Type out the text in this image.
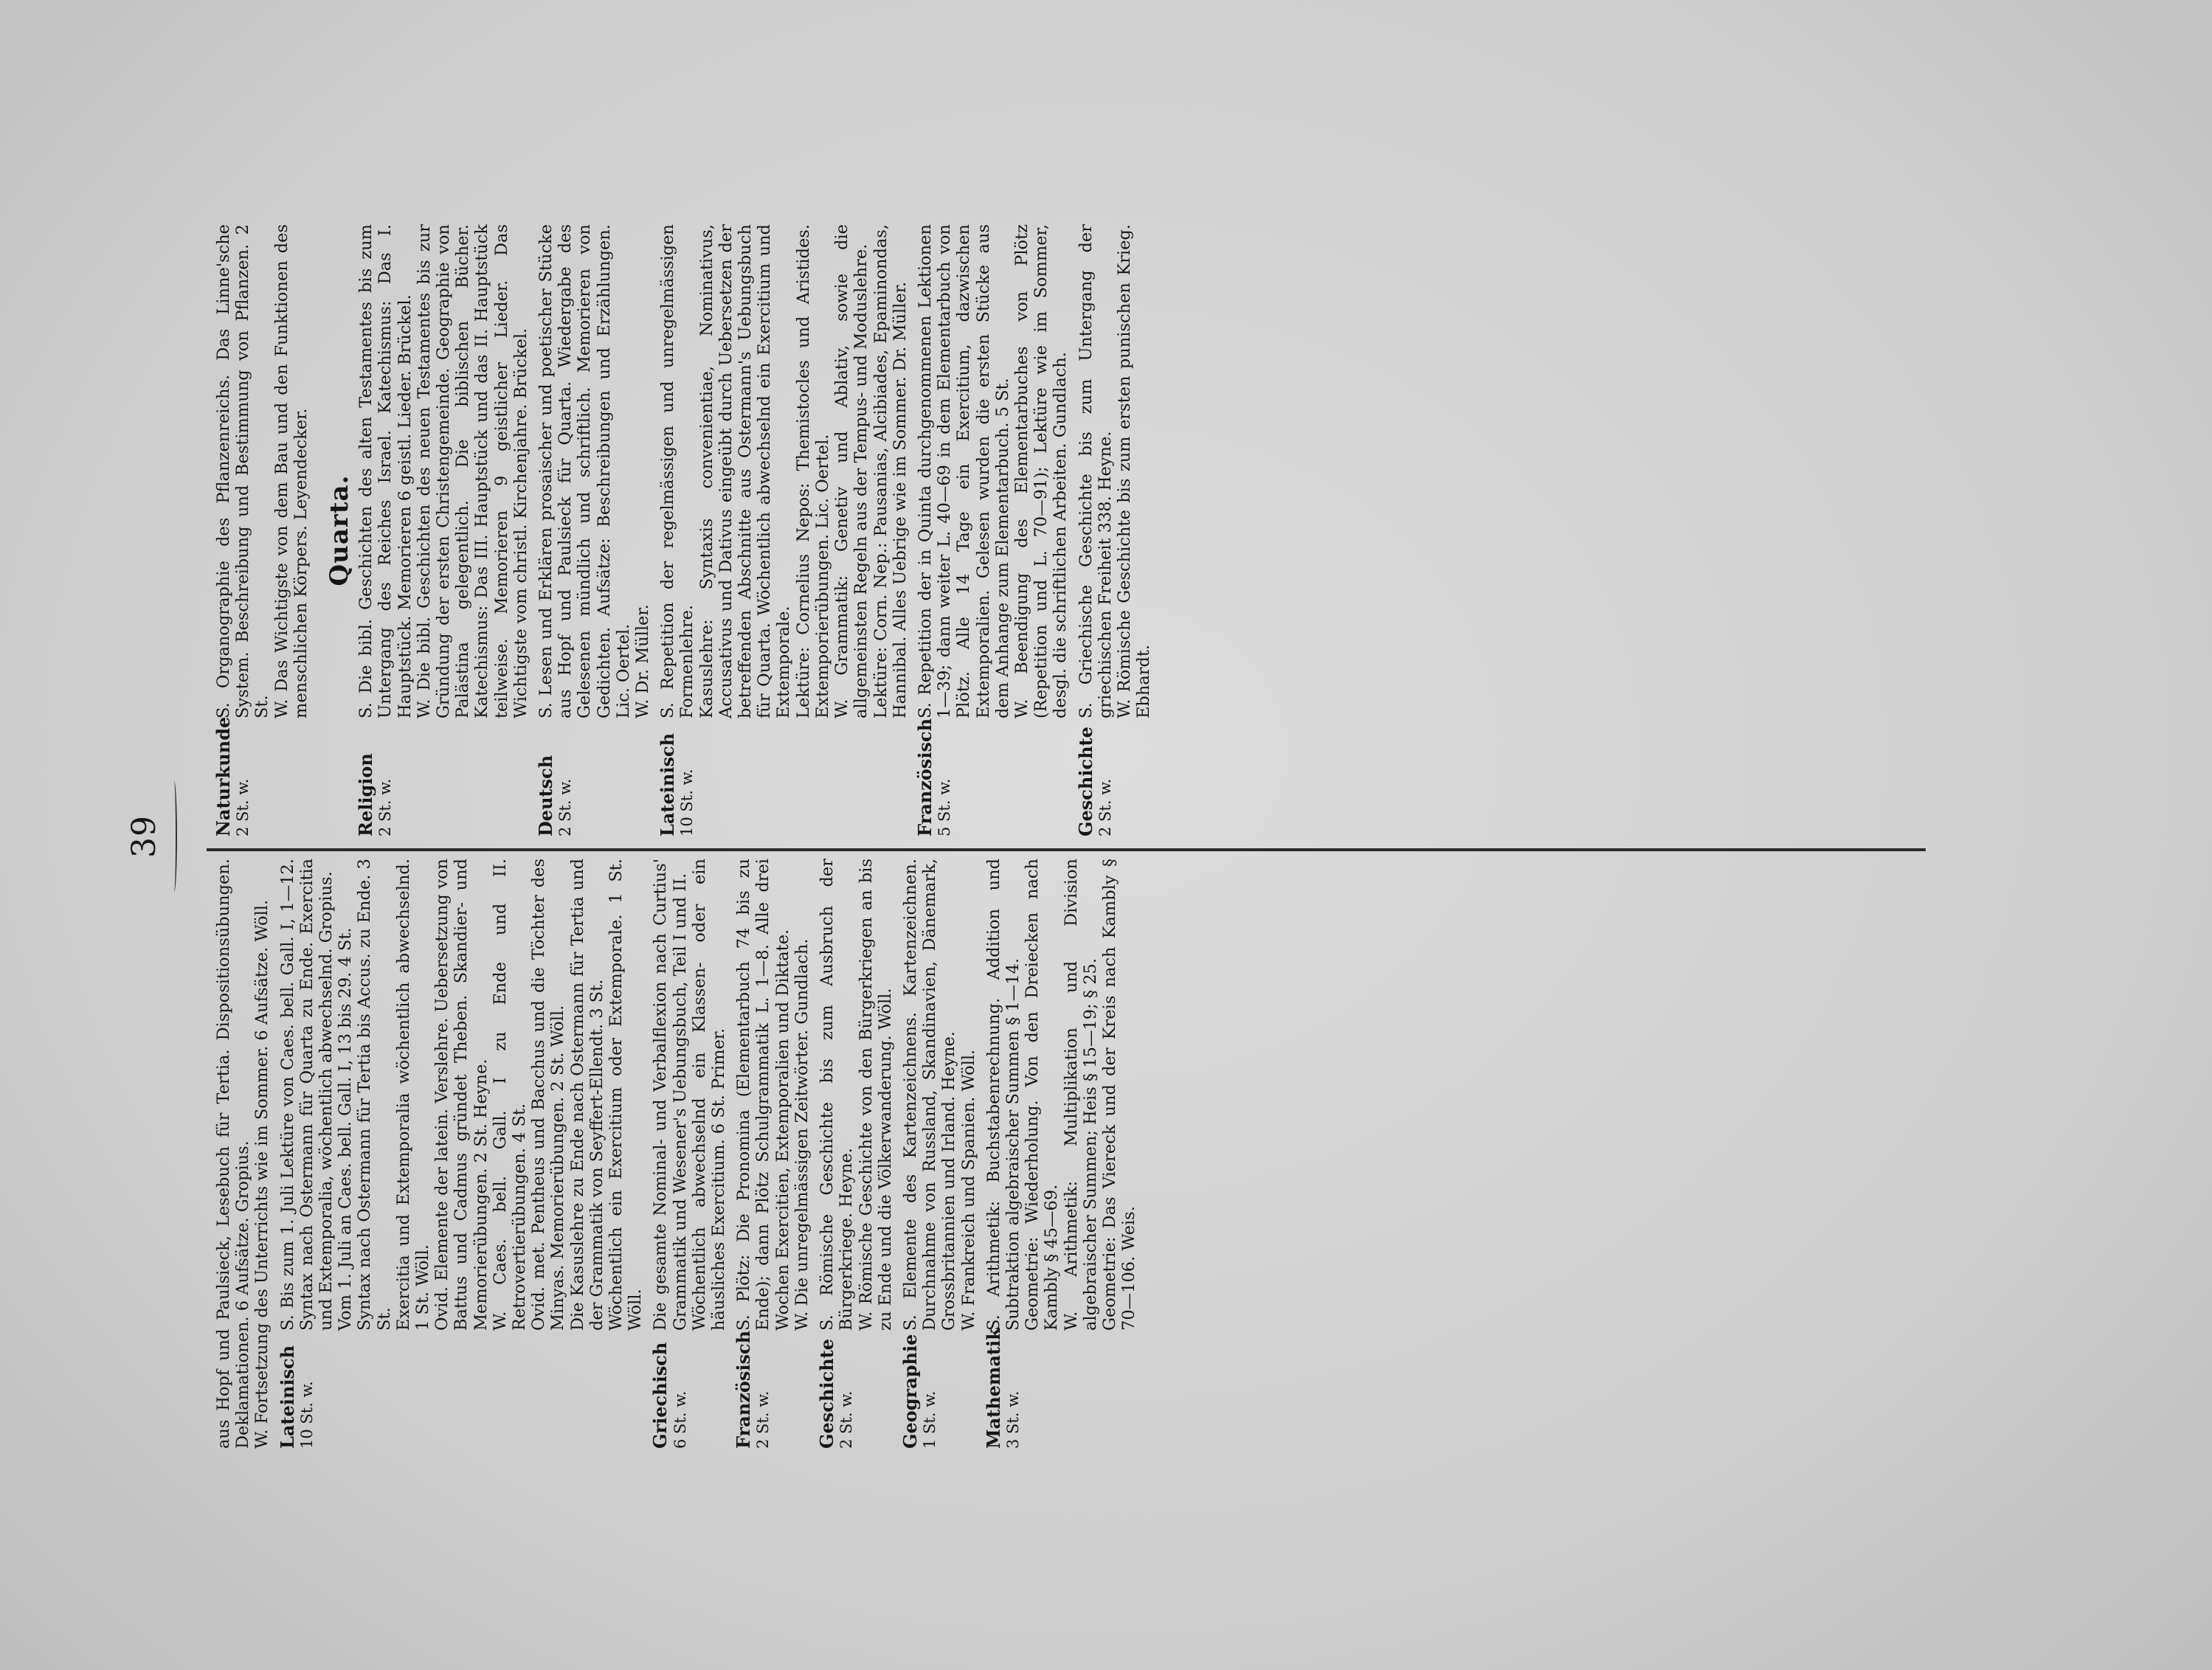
39

aus Hopf und Paulsieck, Lesebuch für Tertia. Dispositionsübungen. Deklamationen. 6 Aufsätze. Gropius. W. Fortsetzung des Unterrichts wie im Sommer. 6 Aufsätze. Wöll. Lateinisch 10 St. w.

S. Bis zum 1. Juli Lektüre von Caes. bell. Gall. I, 1—12. Syntax nach Ostermann für Quarta zu Ende. Exercitia und Extemporalia, wöchentlich abwechselnd. Gropius. Vom 1. Juli an Caes. bell. Gall. I, 13 bis 29. 4 St. Syntax nach Ostermann für Tertia bis Accus. zu Ende. 3 St. Exercitia und Extemporalia wöchentlich abwechselnd. 1 St. Wöll. Ovid. Elemente der latein. Verslehre. Uebersetzung von Battus und Cadmus gründet Theben. Skandier- und Memorierübungen. 2 St. Heyne. W. Caes. bell. Gall. I zu Ende und II. Retrovertierübungen. 4 St. Ovid. met. Pentheus und Bacchus und die Töchter des Minyas. Memorierübungen. 2 St. Wöll. Die Kasuslehre zu Ende nach Ostermann für Tertia und der Grammatik von Seyffert-Ellendt. 3 St. Wöchentlich ein Exercitium oder Extemporale. 1 St. Wöll.

Griechisch 6 St. w.

Die gesamte Nominal- und Verbalflexion nach Curtius' Grammatik und Wesener's Uebungsbuch, Teil I und II. Wöchentlich abwechselnd ein Klassen- oder ein häusliches Exercitium. 6 St. Primer.

Französisch 2 St. w.

S. Plötz: Die Pronomina (Elementarbuch 74 bis zu Ende); dann Plötz Schulgrammatik L. 1—8. Alle drei Wochen Exercitien, Extemporalien und Diktate. W. Die unregelmässigen Zeitwörter. Gundlach.

Geschichte 2 St. w.

S. Römische Geschichte bis zum Ausbruch der Bürgerkriege. Heyne. W. Römische Geschichte von den Bürgerkriegen an bis zu Ende und die Völkerwanderung. Wöll.

Geographie 1 St. w.

S. Elemente des Kartenzeichnens. Kartenzeichnen. Durchnahme von Russland, Skandinavien, Dänemark, Grossbritannien und Irland. Heyne. W. Frankreich und Spanien. Wöll.

Mathematik 3 St. w.

S. Arithmetik: Buchstabenrechnung. Addition und Subtraktion algebraischer Summen § 1—14. Geometrie: Wiederholung. Von den Dreiecken nach Kambly § 45—69. W. Arithmetik: Multiplikation und Division algebraischer Summen; Heis § 15—19; § 25. Geometrie: Das Viereck und der Kreis nach Kambly § 70—106. Weis.

Naturkunde 2 St. w.

S. Organographie des Pflanzenreichs. Das Linne'sche System. Beschreibung und Bestimmung von Pflanzen. 2 St. W. Das Wichtigste von dem Bau und den Funktionen des menschlichen Körpers. Leyendecker. Quarta.
Religion 2 St. w.

S. Die bibl. Geschichten des alten Testamentes bis zum Untergang des Reiches Israel. Katechismus: Das I. Hauptstück. Memorieren 6 geistl. Lieder. Brückel. W. Die bibl. Geschichten des neuen Testamentes bis zur Gründung der ersten Christengemeinde. Geographie von Palästina gelegentlich. Die biblischen Bücher. Katechismus: Das III. Hauptstück und das II. Hauptstück teilweise. Memorieren 9 geistlicher Lieder. Das Wichtigste vom christl. Kirchenjahre. Brückel.

Deutsch 2 St. w.

S. Lesen und Erklären prosaischer und poetischer Stücke aus Hopf und Paulsieck für Quarta. Wiedergabe des Gelesenen mündlich und schriftlich. Memorieren von Gedichten. Aufsätze: Beschreibungen und Erzählungen. Lic. Oertel. W. Dr. Müller.

Lateinisch 10 St. w.

S. Repetition der regelmässigen und unregelmässigen Formenlehre. Kasuslehre: Syntaxis convenientiae, Nominativus, Accusativus und Dativus eingeübt durch Uebersetzen der betreffenden Abschnitte aus Ostermann's Uebungsbuch für Quarta. Wöchentlich abwechselnd ein Exercitium und Extemporale. Lektüre: Cornelius Nepos: Themistocles und Aristides. Extemporierübungen. Lic. Oertel. W. Grammatik: Genetiv und Ablativ, sowie die allgemeinsten Regeln aus der Tempus- und Moduslehre. Lektüre: Corn. Nep.: Pausanias, Alcibiades, Epaminondas, Hannibal. Alles Uebrige wie im Sommer. Dr. Müller.

Französisch 5 St. w.

S. Repetition der in Quinta durchgenommenen Lektionen 1—39; dann weiter L. 40—69 in dem Elementarbuch von Plötz. Alle 14 Tage ein Exercitium, dazwischen Extemporalien. Gelesen wurden die ersten Stücke aus dem Anhange zum Elementarbuch. 5 St. W. Beendigung des Elementarbuches von Plötz (Repetition und L. 70—91); Lektüre wie im Sommer, desgl. die schriftlichen Arbeiten. Gundlach.

Geschichte 2 St. w.

S. Griechische Geschichte bis zum Untergang der griechischen Freiheit 338. Heyne. W. Römische Geschichte bis zum ersten punischen Krieg. Ebhardt.
